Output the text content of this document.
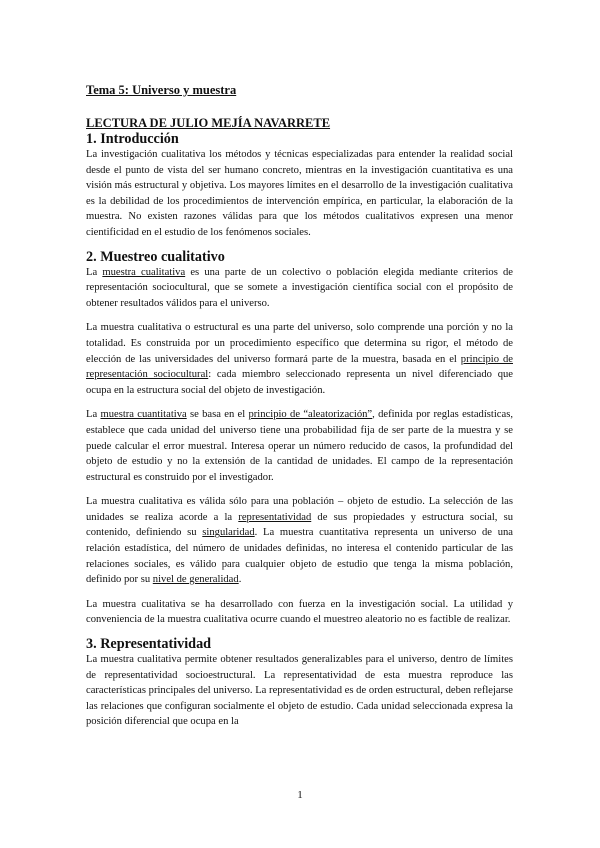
Tema 5: Universo y muestra

LECTURA DE JULIO MEJÍA NAVARRETE

1. Introducción

La investigación cualitativa los métodos y técnicas especializadas para entender la realidad social desde el punto de vista del ser humano concreto, mientras en la investigación cuantitativa es una visión más estructural y objetiva. Los mayores límites en el desarrollo de la investigación cualitativa es la debilidad de los procedimientos de intervención empírica, en particular, la elaboración de la muestra. No existen razones válidas para que los métodos cualitativos expresen una menor cientificidad en el estudio de los fenómenos sociales.

2. Muestreo cualitativo

La muestra cualitativa es una parte de un colectivo o población elegida mediante criterios de representación sociocultural, que se somete a investigación científica social con el propósito de obtener resultados válidos para el universo.

La muestra cualitativa o estructural es una parte del universo, solo comprende una porción y no la totalidad. Es construida por un procedimiento específico que determina su rigor, el método de elección de las universidades del universo formará parte de la muestra, basada en el principio de representación sociocultural: cada miembro seleccionado representa un nivel diferenciado que ocupa en la estructura social del objeto de investigación.

La muestra cuantitativa se basa en el principio de “aleatorización”, definida por reglas estadísticas, establece que cada unidad del universo tiene una probabilidad fija de ser parte de la muestra y se puede calcular el error muestral. Interesa operar un número reducido de casos, la profundidad del objeto de estudio y no la extensión de la cantidad de unidades. El campo de la representación estructural es construido por el investigador.

La muestra cualitativa es válida sólo para una población – objeto de estudio. La selección de las unidades se realiza acorde a la representatividad de sus propiedades y estructura social, su contenido, definiendo su singularidad. La muestra cuantitativa representa un universo de una relación estadística, del número de unidades definidas, no interesa el contenido particular de las relaciones sociales, es válido para cualquier objeto de estudio que tenga la misma población, definido por su nivel de generalidad.

La muestra cualitativa se ha desarrollado con fuerza en la investigación social. La utilidad y conveniencia de la muestra cualitativa ocurre cuando el muestreo aleatorio no es factible de realizar.

3. Representatividad

La muestra cualitativa permite obtener resultados generalizables para el universo, dentro de límites de representatividad socioestructural. La representatividad de esta muestra reproduce las características principales del universo. La representatividad es de orden estructural, deben reflejarse las relaciones que configuran socialmente el objeto de estudio. Cada unidad seleccionada expresa la posición diferencial que ocupa en la

1
